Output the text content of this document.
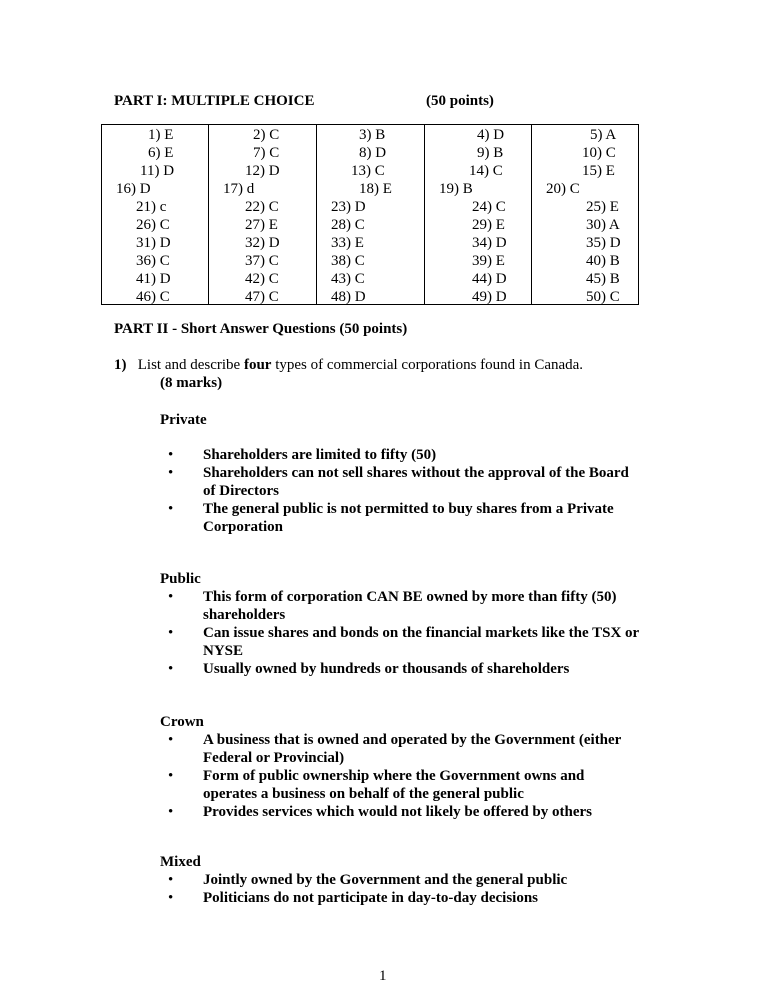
PART I: MULTIPLE CHOICE	(50 points)
1) E
6) E
11) D
16) D
21) c
26) C
31) D
36) C
41) D
46) C
2) C
7) C
12) D
17) d
22) C
27) E
32) D
37) C
42) C
47) C
3) B
8) D
13) C
18) E
23) D
28) C
33) E
38) C
43) C
48) D
4) D
9) B
14) C
19) B
24) C
29) E
34) D
39) E
44) D
49) D
5) A
10) C
15) E
20) C
25) E
30) A
35) D
40) B
45) B
50) C
PART II - Short Answer Questions (50 points)
1) List and describe four types of commercial corporations found in Canada.
(8 marks)
Private
• Shareholders are limited to fifty (50)
• Shareholders can not sell shares without the approval of the Board of Directors
• The general public is not permitted to buy shares from a Private Corporation
Public
• This form of corporation CAN BE owned by more than fifty (50) shareholders
• Can issue shares and bonds on the financial markets like the TSX or NYSE
• Usually owned by hundreds or thousands of shareholders
Crown
• A business that is owned and operated by the Government (either Federal or Provincial)
• Form of public ownership where the Government owns and operates a business on behalf of the general public
• Provides services which would not likely be offered by others
Mixed
• Jointly owned by the Government and the general public
• Politicians do not participate in day-to-day decisions
1
